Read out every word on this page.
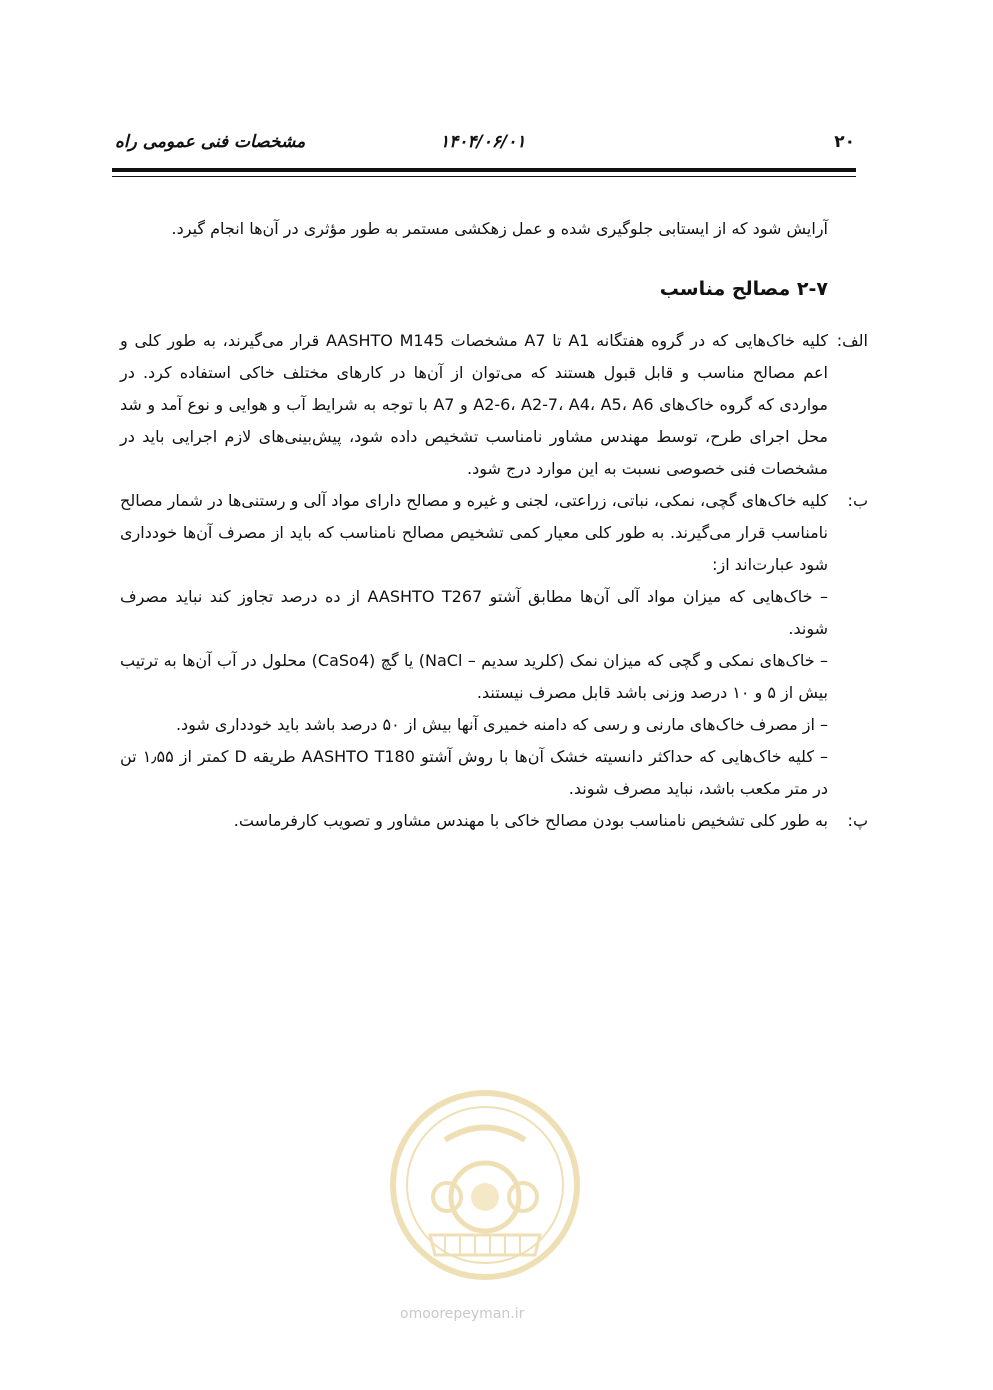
۲۰
۱۴۰۴/۰۶/۰۱
مشخصات فنی عمومی راه

آرایش شود که از ایستابی جلوگیری شده و عمل زهکشی مستمر به طور مؤثری در آن‌ها انجام گیرد.

۲-۷ مصالح مناسب
الف:
کلیه خاک‌هایی که در گروه هفتگانه A1 تا A7 مشخصات AASHTO M145 قرار می‌گیرند، به طور کلی و اعم مصالح مناسب و قابل قبول هستند که می‌توان از آن‌ها در کارهای مختلف خاکی استفاده کرد. در مواردی که گروه خاک‌های A2-6، A2-7، A4، A5، A6 و A7 با توجه به شرایط آب و هوایی و نوع آمد و شد محل اجرای طرح، توسط مهندس مشاور نامناسب تشخیص داده شود، پیش‌بینی‌های لازم اجرایی باید در مشخصات فنی خصوصی نسبت به این موارد درج شود.
ب:
کلیه خاک‌های گچی، نمکی، نباتی، زراعتی، لجنی و غیره و مصالح دارای مواد آلی و رستنی‌ها در شمار مصالح نامناسب قرار می‌گیرند. به طور کلی معیار کمی تشخیص مصالح نامناسب که باید از مصرف آن‌ها خودداری شود عبارت‌اند از:

– خاک‌هایی که میزان مواد آلی آن‌ها مطابق آشتو AASHTO T267 از ده درصد تجاوز کند نباید مصرف شوند.

– خاک‌های نمکی و گچی که میزان نمک (کلرید سدیم – NaCl) یا گچ (CaSo4) محلول در آب آن‌ها به ترتیب بیش از ۵ و ۱۰ درصد وزنی باشد قابل مصرف نیستند.

– از مصرف خاک‌های مارنی و رسی که دامنه خمیری آنها بیش از ۵۰ درصد باشد باید خودداری شود.

– کلیه خاک‌هایی که حداکثر دانسیته خشک آن‌ها با روش آشتو AASHTO T180 طریقه D کمتر از ۱٫۵۵ تن در متر مکعب باشد، نباید مصرف شوند.

پ:
به طور کلی تشخیص نامناسب بودن مصالح خاکی با مهندس مشاور و تصویب کارفرماست.
omoorepeyman.ir
